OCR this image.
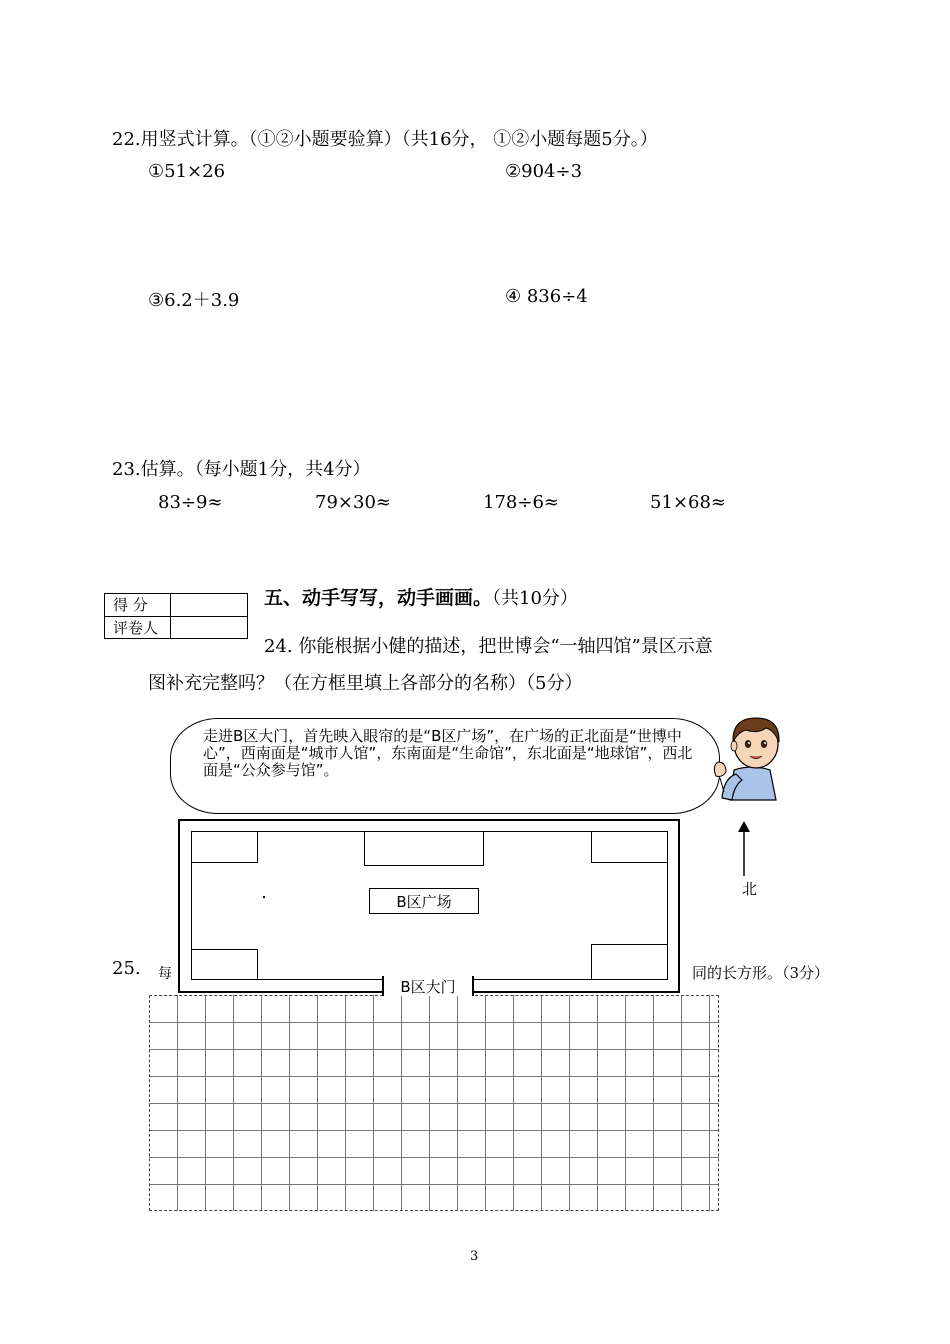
22.用竖式计算。（①②小题要验算）（共16分， ①②小题每题5分。）
①51×26	②904÷3
③6.2＋3.9	④ 836÷4
23.估算。（每小题1分，共4分）
83÷9≈	79×30≈	178÷6≈	51×68≈
得 分	
评卷人	
五、动手写写，动手画画。（共10分）
24. 你能根据小健的描述，把世博会“一轴四馆”景区示意
图补充完整吗？（在方框里填上各部分的名称）（5分）
走进B区大门，首先映入眼帘的是“B区广场”，在广场的正北面是“世博中心”，西南面是“城市人馆”，东南面是“生命馆”，东北面是“地球馆”，西北面是“公众参与馆”。
北
25. 每	同的长方形。（3分）
B区广场
B区大门
3
